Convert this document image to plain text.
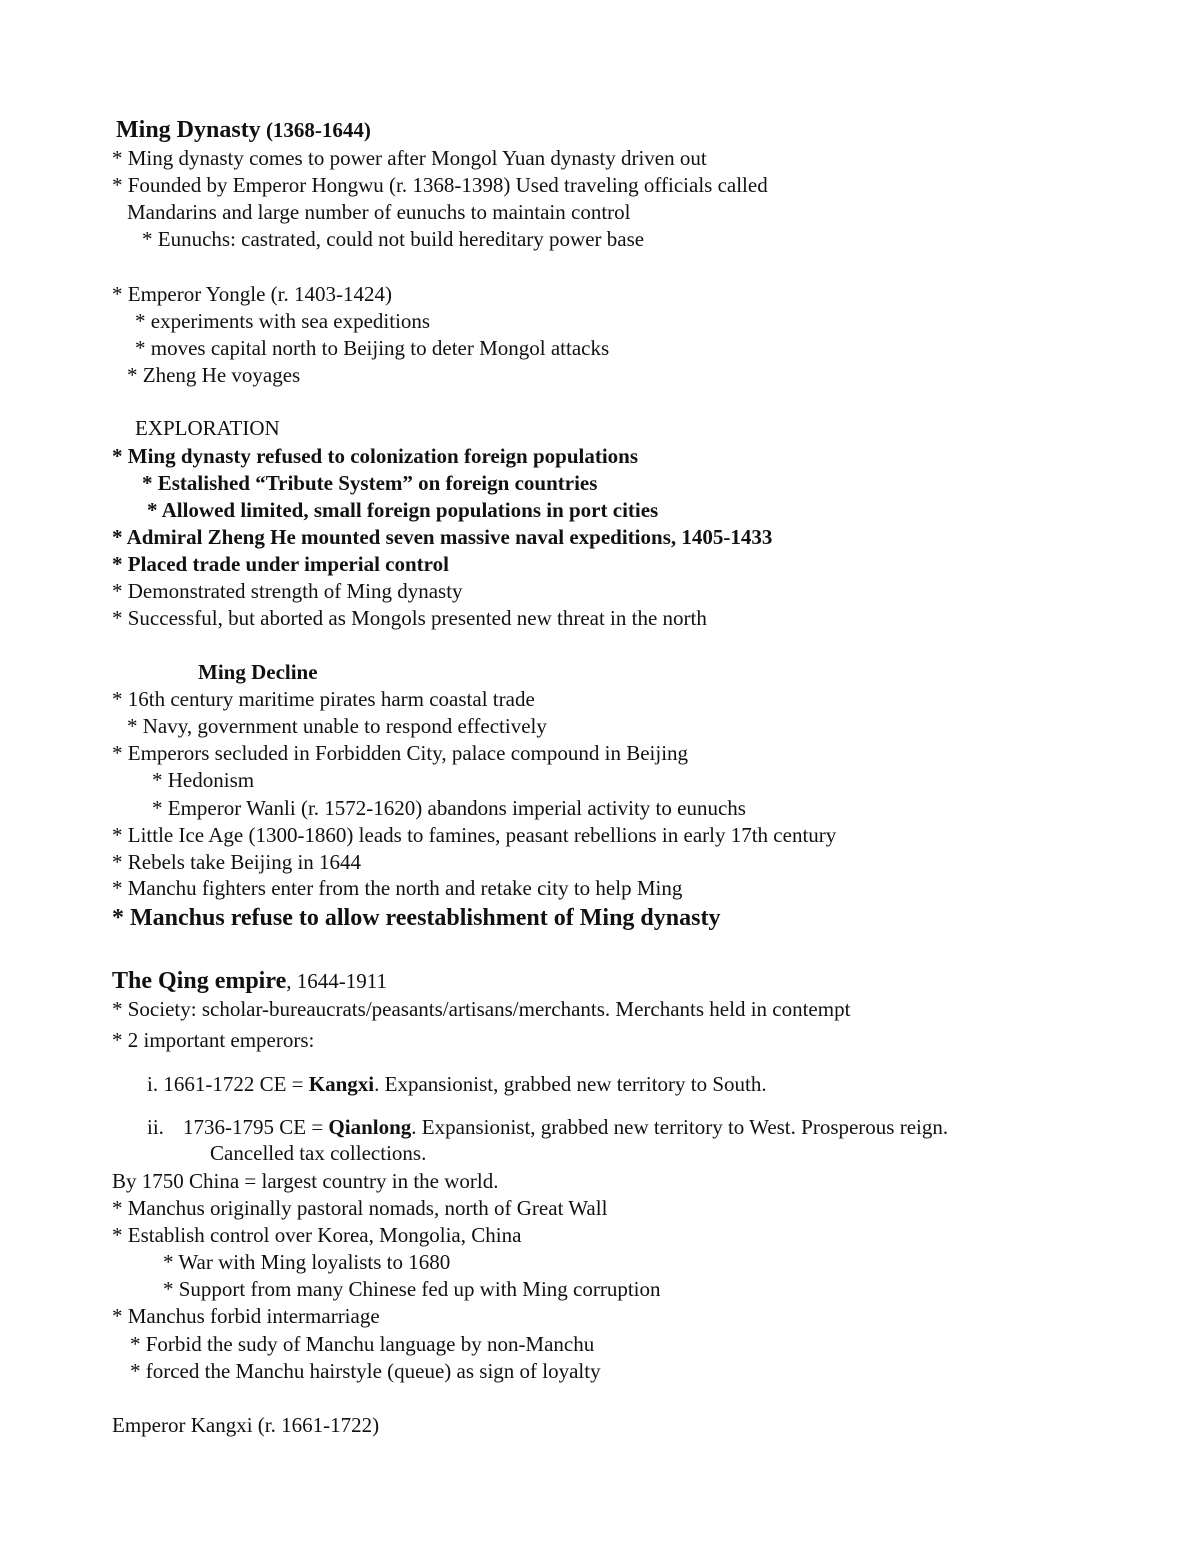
Ming Dynasty (1368-1644)
* Ming dynasty comes to power after Mongol Yuan dynasty driven out
* Founded by Emperor Hongwu (r. 1368-1398) Used traveling officials called
Mandarins and large number of eunuchs to maintain control
* Eunuchs: castrated, could not build hereditary power base
* Emperor Yongle (r. 1403-1424)
* experiments with sea expeditions
* moves capital north to Beijing to deter Mongol attacks
* Zheng He voyages
EXPLORATION
* Ming dynasty refused to colonization foreign populations
* Estalished “Tribute System” on foreign countries
* Allowed limited, small foreign populations in port cities
* Admiral Zheng He mounted seven massive naval expeditions, 1405-1433
* Placed trade under imperial control
* Demonstrated strength of Ming dynasty
* Successful, but aborted as Mongols presented new threat in the north
Ming Decline
* 16th century maritime pirates harm coastal trade
* Navy, government unable to respond effectively
* Emperors secluded in Forbidden City, palace compound in Beijing
* Hedonism
* Emperor Wanli (r. 1572-1620) abandons imperial activity to eunuchs
* Little Ice Age (1300-1860) leads to famines, peasant rebellions in early 17th century
* Rebels take Beijing in 1644
* Manchu fighters enter from the north and retake city to help Ming
* Manchus refuse to allow reestablishment of Ming dynasty
The Qing empire, 1644-1911
* Society: scholar-bureaucrats/peasants/artisans/merchants. Merchants held in contempt
* 2 important emperors:
i. 1661-1722 CE = Kangxi. Expansionist, grabbed new territory to South.
ii. 1736-1795 CE = Qianlong. Expansionist, grabbed new territory to West. Prosperous reign.
Cancelled tax collections.
By 1750 China = largest country in the world.
* Manchus originally pastoral nomads, north of Great Wall
* Establish control over Korea, Mongolia, China
* War with Ming loyalists to 1680
* Support from many Chinese fed up with Ming corruption
* Manchus forbid intermarriage
* Forbid the sudy of Manchu language by non-Manchu
* forced the Manchu hairstyle (queue) as sign of loyalty
Emperor Kangxi (r. 1661-1722)
